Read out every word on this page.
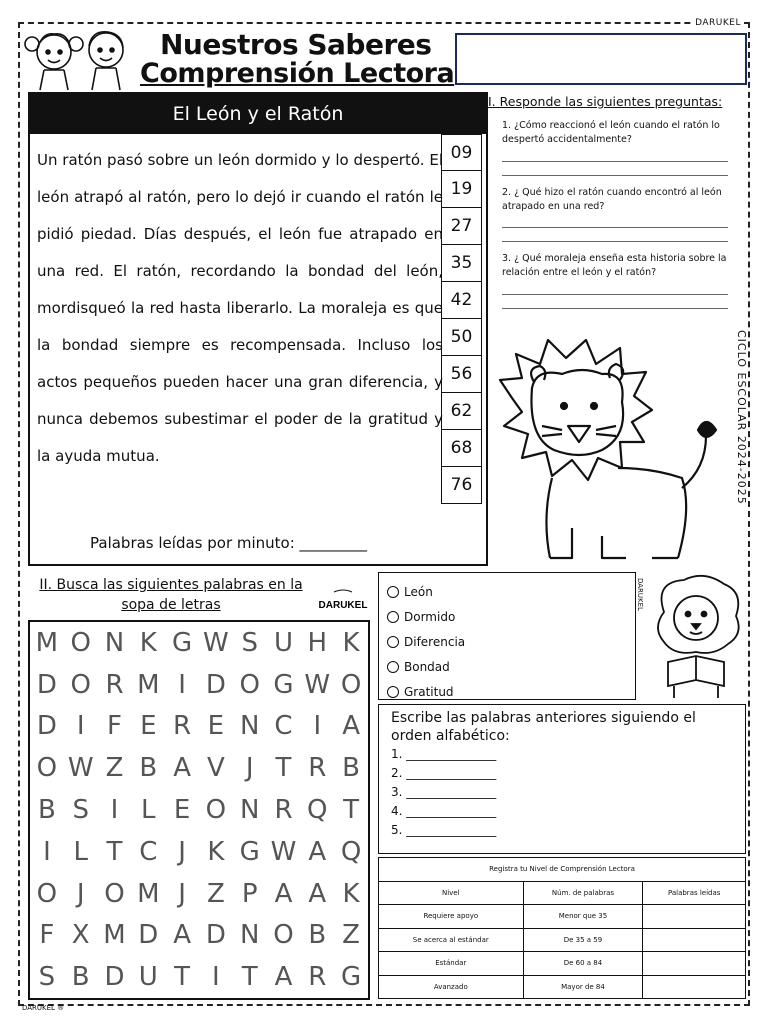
DARUKEL
Nuestros Saberes
Comprensión Lectora
El León y el Ratón
Un ratón pasó sobre un león dormido y lo despertó. El león atrapó al ratón, pero lo dejó ir cuando el ratón le pidió piedad. Días después, el león fue atrapado en una red. El ratón, recordando la bondad del león, mordisqueó la red hasta liberarlo. La moraleja es que la bondad siempre es recompensada. Incluso los actos pequeños pueden hacer una gran diferencia, y nunca debemos subestimar el poder de la gratitud y la ayuda mutua.
09
19
27
35
42
50
56
62
68
76
Palabras leídas por minuto: _________
I. Responde las siguientes preguntas:
1. ¿Cómo reaccionó el león cuando el ratón lo despertó accidentalmente?
2. ¿ Qué hizo el ratón cuando encontró al león atrapado en una red?
3. ¿ Qué moraleja enseña esta historia sobre la relación entre el león y el ratón?
CICLO ESCOLAR 2024-2025
II. Busca las siguientes palabras en la sopa de letras	DARUKEL
M O N K G W S U H K
D O R M I D O G W O
D I F E R E N C I A
O W Z B A V J T R B
B S I L E O N R Q T
I L T C J K G W A Q
O J O M J Z P A A K
F X M D A D N O B Z
S B D U T I T A R G
León
Dormido
Diferencia
Bondad
Gratitud
DARUKEL
Escribe las palabras anteriores siguiendo el orden alfabético:
1. _______________
2. _______________
3. _______________
4. _______________
5. _______________
Registra tu Nivel de Comprensión Lectora		
Nivel	Núm. de palabras	Palabras leídas
Requiere apoyo	Menor que 35	
Se acerca al estándar	De 35 a 59	
Estándar	De 60 a 84	
Avanzado	Mayor de 84	
DARUKEL ®
